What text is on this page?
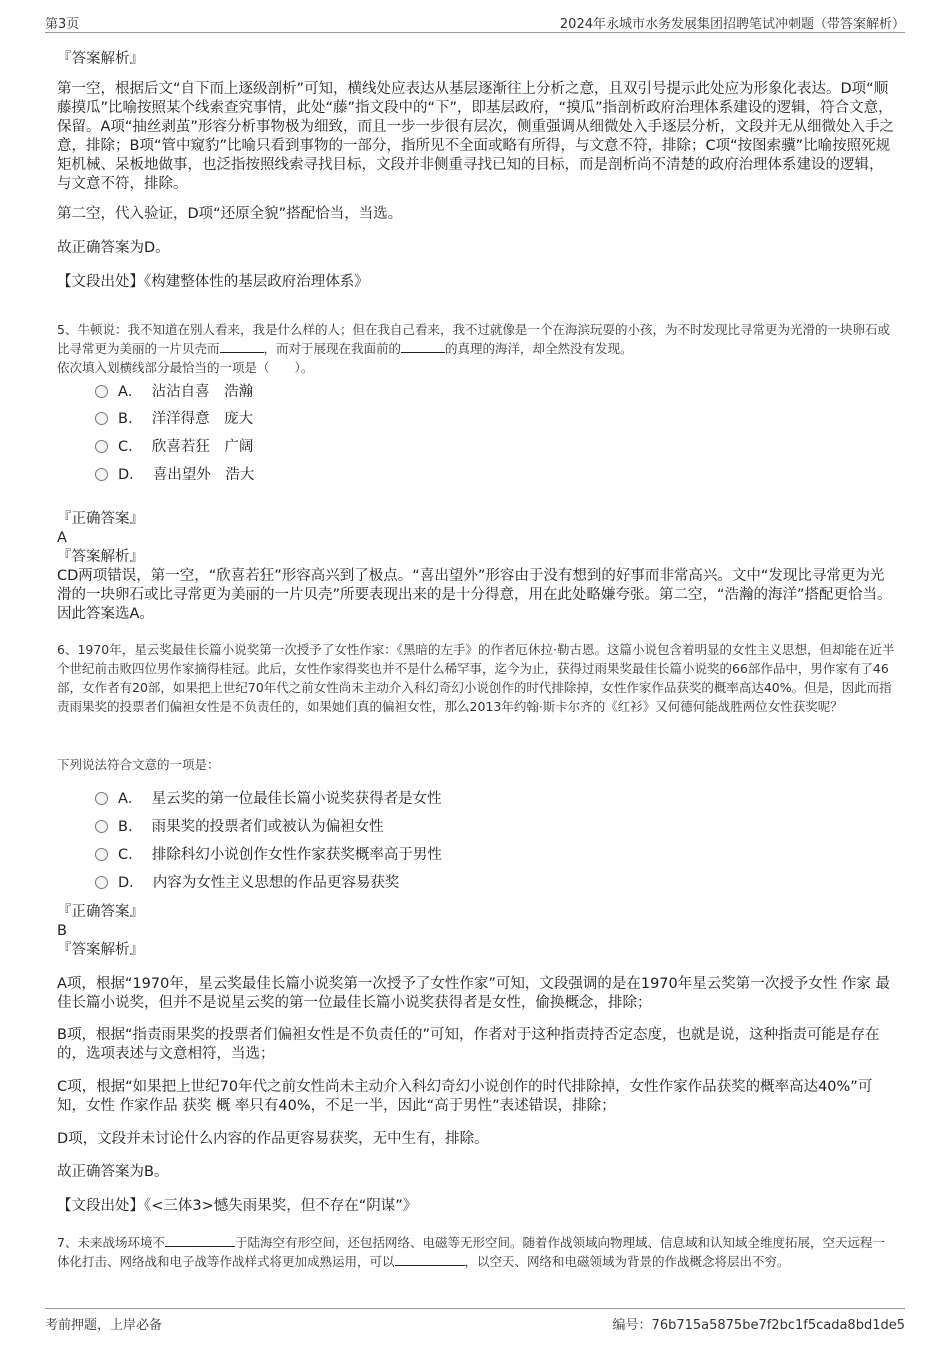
第3页	2024年永城市水务发展集团招聘笔试冲刺题（带答案解析）

『答案解析』

第一空，根据后文“自下而上逐级剖析”可知，横线处应表达从基层逐渐往上分析之意，且双引号提示此处应为形象化表达。D项“顺藤摸瓜”比喻按照某个线索查究事情，此处“藤”指文段中的“下”，即基层政府，“摸瓜”指剖析政府治理体系建设的逻辑，符合文意，保留。A项“抽丝剥茧”形容分析事物极为细致，而且一步一步很有层次，侧重强调从细微处入手逐层分析，文段并无从细微处入手之意，排除；B项“管中窥豹”比喻只看到事物的一部分，指所见不全面或略有所得，与文意不符，排除；C项“按图索骥”比喻按照死规矩机械、呆板地做事，也泛指按照线索寻找目标，文段并非侧重寻找已知的目标，而是剖析尚不清楚的政府治理体系建设的逻辑，与文意不符，排除。

第二空，代入验证，D项“还原全貌”搭配恰当，当选。

故正确答案为D。

【文段出处】《构建整体性的基层政府治理体系》

5、牛顿说：我不知道在别人看来，我是什么样的人；但在我自己看来，我不过就像是一个在海滨玩耍的小孩，为不时发现比寻常更为光滑的一块卵石或比寻常更为美丽的一片贝壳而	，而对于展现在我面前的	的真理的海洋，却全然没有发现。

依次填入划横线部分最恰当的一项是（　　）。

A． 沾沾自喜　浩瀚
B． 洋洋得意　庞大
C． 欣喜若狂　广阔
D． 喜出望外　浩大

『正确答案』

A

『答案解析』

CD两项错误，第一空，“欣喜若狂”形容高兴到了极点。“喜出望外”形容由于没有想到的好事而非常高兴。文中“发现比寻常更为光滑的一块卵石或比寻常更为美丽的一片贝壳”所要表现出来的是十分得意，用在此处略嫌夸张。第二空，“浩瀚的海洋”搭配更恰当。因此答案选A。

6、1970年，星云奖最佳长篇小说奖第一次授予了女性作家：《黑暗的左手》的作者厄休拉·勒古恩。这篇小说包含着明显的女性主义思想，但却能在近半个世纪前击败四位男作家摘得桂冠。此后，女性作家得奖也并不是什么稀罕事，迄今为止，获得过雨果奖最佳长篇小说奖的66部作品中，男作家有了46部，女作者有20部，如果把上世纪70年代之前女性尚未主动介入科幻奇幻小说创作的时代排除掉，女性作家作品获奖的概率高达40%。但是，因此而指责雨果奖的投票者们偏袒女性是不负责任的，如果她们真的偏袒女性，那么2013年约翰·斯卡尔齐的《红衫》又何德何能战胜两位女性获奖呢？

下列说法符合文意的一项是：

A． 星云奖的第一位最佳长篇小说奖获得者是女性
B． 雨果奖的投票者们或被认为偏袒女性
C． 排除科幻小说创作女性作家获奖概率高于男性
D． 内容为女性主义思想的作品更容易获奖

『正确答案』

B

『答案解析』

A项，根据“1970年，星云奖最佳长篇小说奖第一次授予了女性作家”可知，文段强调的是在1970年星云奖第一次授予女性 作家 最佳长篇小说奖，但并不是说星云奖的第一位最佳长篇小说奖获得者是女性，偷换概念，排除；

B项，根据“指责雨果奖的投票者们偏袒女性是不负责任的”可知，作者对于这种指责持否定态度，也就是说，这种指责可能是存在的，选项表述与文意相符，当选；

C项，根据“如果把上世纪70年代之前女性尚未主动介入科幻奇幻小说创作的时代排除掉，女性作家作品获奖的概率高达40%”可知，女性 作家作品 获奖 概 率只有40%，不足一半，因此“高于男性”表述错误，排除；

D项，文段并未讨论什么内容的作品更容易获奖，无中生有，排除。

故正确答案为B。

【文段出处】《<三体3>憾失雨果奖，但不存在“阴谋”》

7、未来战场环境不	于陆海空有形空间，还包括网络、电磁等无形空间。随着作战领域向物理域、信息域和认知域全维度拓展，空天远程一体化打击、网络战和电子战等作战样式将更加成熟运用，可以	，以空天、网络和电磁领域为背景的作战概念将层出不穷。

考前押题，上岸必备	编号：76b715a5875be7f2bc1f5cada8bd1de5
